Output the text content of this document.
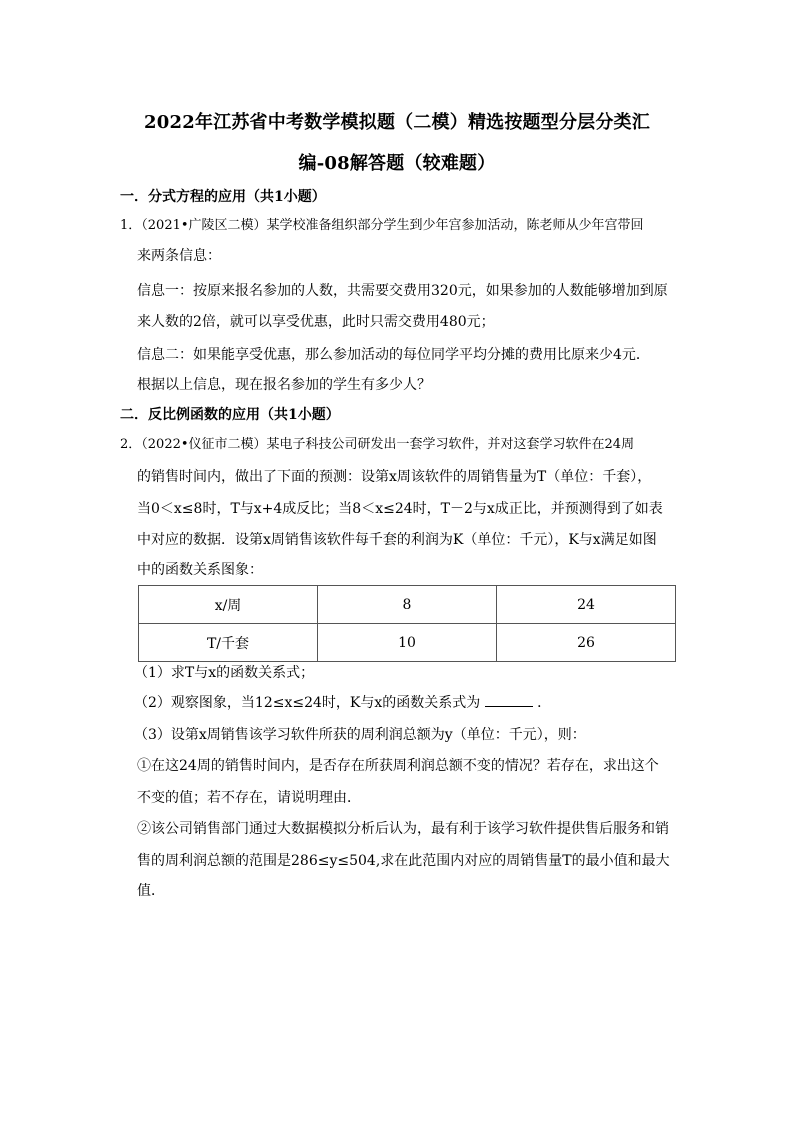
2022年江苏省中考数学模拟题（二模）精选按题型分层分类汇
编-08解答题（较难题）
一．分式方程的应用（共1小题）
1．（2021•广陵区二模）某学校准备组织部分学生到少年宫参加活动，陈老师从少年宫带回
来两条信息：
信息一：按原来报名参加的人数，共需要交费用320元，如果参加的人数能够增加到原
来人数的2倍，就可以享受优惠，此时只需交费用480元；
信息二：如果能享受优惠，那么参加活动的每位同学平均分摊的费用比原来少4元．
根据以上信息，现在报名参加的学生有多少人？
二．反比例函数的应用（共1小题）
2．（2022•仪征市二模）某电子科技公司研发出一套学习软件，并对这套学习软件在24周
的销售时间内，做出了下面的预测：设第x周该软件的周销售量为T（单位：千套），
当0＜x≤8时，T与x+4成反比；当8＜x≤24时，T－2与x成正比，并预测得到了如表
中对应的数据．设第x周销售该软件每千套的利润为K（单位：千元），K与x满足如图
中的函数关系图象：
x/周	8	24
T/千套	10	26
（1）求T与x的函数关系式；
（2）观察图象，当12≤x≤24时，K与x的函数关系式为	．
（3）设第x周销售该学习软件所获的周利润总额为y（单位：千元），则：
①在这24周的销售时间内，是否存在所获周利润总额不变的情况？若存在，求出这个
不变的值；若不存在，请说明理由．
②该公司销售部门通过大数据模拟分析后认为，最有利于该学习软件提供售后服务和销
售的周利润总额的范围是286≤y≤504,求在此范围内对应的周销售量T的最小值和最大
值．
